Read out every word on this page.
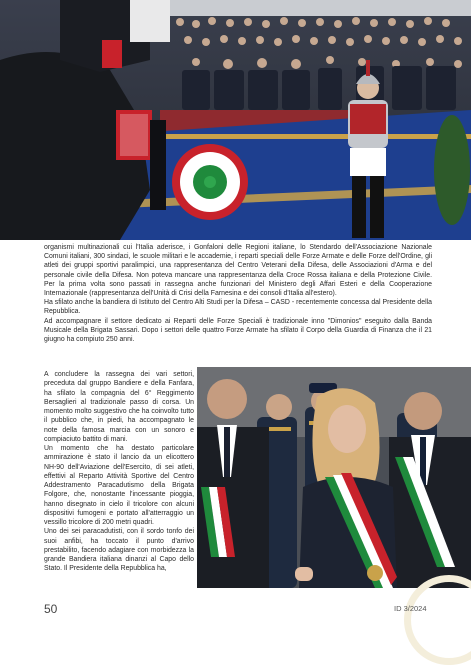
organismi multinazionali cui l'Italia aderisce, i Gonfaloni delle Regioni italiane, lo Stendardo dell'Associazione Nazionale Comuni italiani, 300 sindaci, le scuole militari e le accademie, i reparti speciali delle Forze Armate e delle Forze dell'Ordine, gli atleti dei gruppi sportivi paralimpici, una rappresentanza del Centro Veterani della Difesa, delle Associazioni d'Arma e del personale civile della Difesa. Non poteva mancare una rappresentanza della Croce Rossa italiana e della Protezione Civile. Per la prima volta sono passati in rassegna anche funzionari del Ministero degli Affari Esteri e della Cooperazione Internazionale (rappresentanza dell'Unità di Crisi della Farnesina e dei consoli d'Italia all'estero).

Ha sfilato anche la bandiera di Istituto del Centro Alti Studi per la Difesa – CASD - recentemente concessa dal Presidente della Repubblica.

Ad accompagnare il settore dedicato ai Reparti delle Forze Speciali è tradizionale inno "Dimonios" eseguito dalla Banda Musicale della Brigata Sassari. Dopo i settori delle quattro Forze Armate ha sfilato il Corpo della Guardia di Finanza che il 21 giugno ha compiuto 250 anni.

A concludere la rassegna dei vari settori, preceduta dal gruppo Bandiere e della Fanfara, ha sfilato la compagnia del 6° Reggimento Bersaglieri al tradizionale passo di corsa. Un momento molto suggestivo che ha coinvolto tutto il pubblico che, in piedi, ha accompagnato le note della famosa marcia con un sonoro e compiaciuto battito di mani.

Un momento che ha destato particolare ammirazione è stato il lancio da un elicottero NH-90 dell'Aviazione dell'Esercito, di sei atleti, effettivi al Reparto Attività Sportive del Centro Addestramento Paracadutismo della Brigata Folgore, che, nonostante l'incessante pioggia, hanno disegnato in cielo il tricolore con alcuni dispositivi fumogeni e portato all'atterraggio un vessillo tricolore di 200 metri quadri.

Uno dei sei paracadutisti, con il sordo tonfo dei suoi anfibi, ha toccato il punto d'arrivo prestabilito, facendo adagiare con morbidezza la grande Bandiera italiana dinanzi al Capo dello Stato. Il Presidente della Repubblica ha,

50	ID 3/2024
